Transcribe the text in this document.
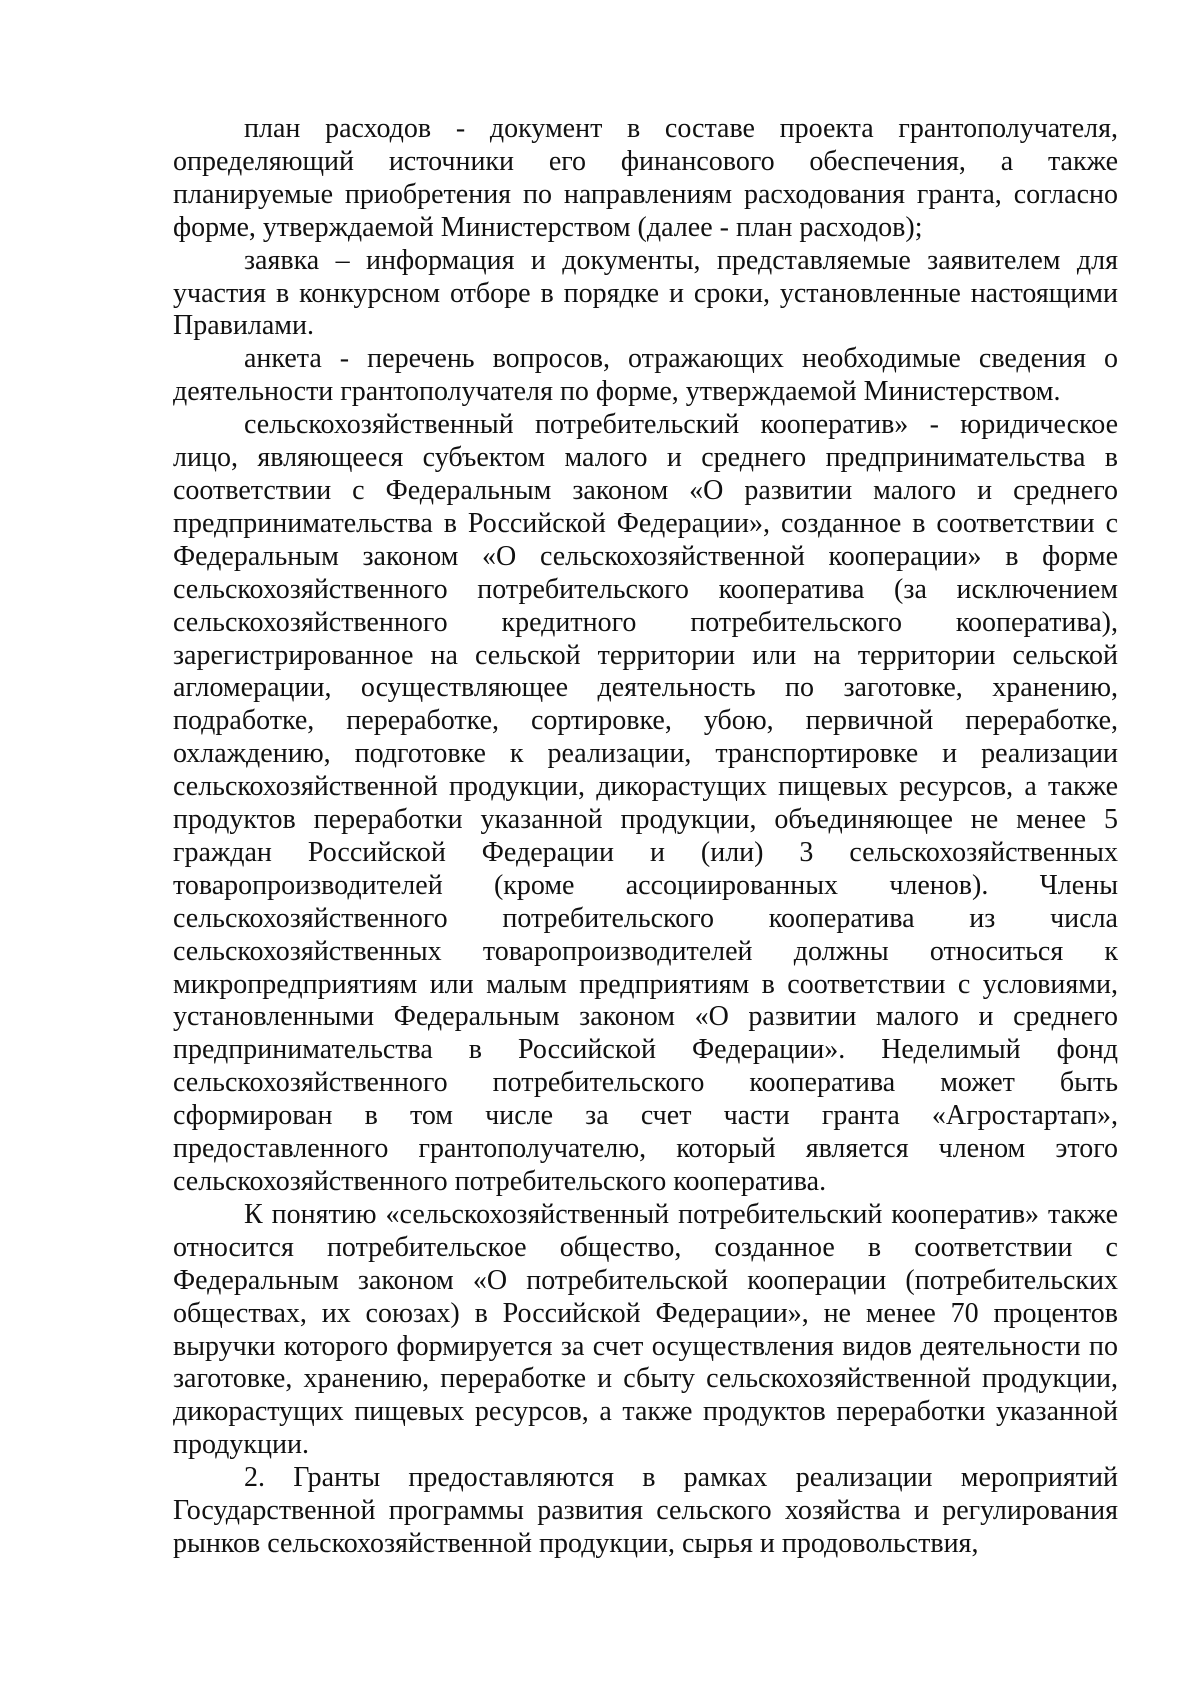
план расходов - документ в составе проекта грантополучателя, определяющий источники его финансового обеспечения, а также планируемые приобретения по направлениям расходования гранта, согласно форме, утверждаемой Министерством (далее - план расходов);

заявка – информация и документы, представляемые заявителем для участия в конкурсном отборе в порядке и сроки, установленные настоящими Правилами.

анкета - перечень вопросов, отражающих необходимые сведения о деятельности грантополучателя по форме, утверждаемой Министерством.

сельскохозяйственный потребительский кооператив» - юридическое лицо, являющееся субъектом малого и среднего предпринимательства в соответствии с Федеральным законом «О развитии малого и среднего предпринимательства в Российской Федерации», созданное в соответствии с Федеральным законом «О сельскохозяйственной кооперации» в форме сельскохозяйственного потребительского кооператива (за исключением сельскохозяйственного кредитного потребительского кооператива), зарегистрированное на сельской территории или на территории сельской агломерации, осуществляющее деятельность по заготовке, хранению, подработке, переработке, сортировке, убою, первичной переработке, охлаждению, подготовке к реализации, транспортировке и реализации сельскохозяйственной продукции, дикорастущих пищевых ресурсов, а также продуктов переработки указанной продукции, объединяющее не менее 5 граждан Российской Федерации и (или) 3 сельскохозяйственных товаропроизводителей (кроме ассоциированных членов). Члены сельскохозяйственного потребительского кооператива из числа сельскохозяйственных товаропроизводителей должны относиться к микропредприятиям или малым предприятиям в соответствии с условиями, установленными Федеральным законом «О развитии малого и среднего предпринимательства в Российской Федерации». Неделимый фонд сельскохозяйственного потребительского кооператива может быть сформирован в том числе за счет части гранта «Агростартап», предоставленного грантополучателю, который является членом этого сельскохозяйственного потребительского кооператива.

К понятию «сельскохозяйственный потребительский кооператив» также относится потребительское общество, созданное в соответствии с Федеральным законом «О потребительской кооперации (потребительских обществах, их союзах) в Российской Федерации», не менее 70 процентов выручки которого формируется за счет осуществления видов деятельности по заготовке, хранению, переработке и сбыту сельскохозяйственной продукции, дикорастущих пищевых ресурсов, а также продуктов переработки указанной продукции.

2. Гранты предоставляются в рамках реализации мероприятий Государственной программы развития сельского хозяйства и регулирования рынков сельскохозяйственной продукции, сырья и продовольствия,
